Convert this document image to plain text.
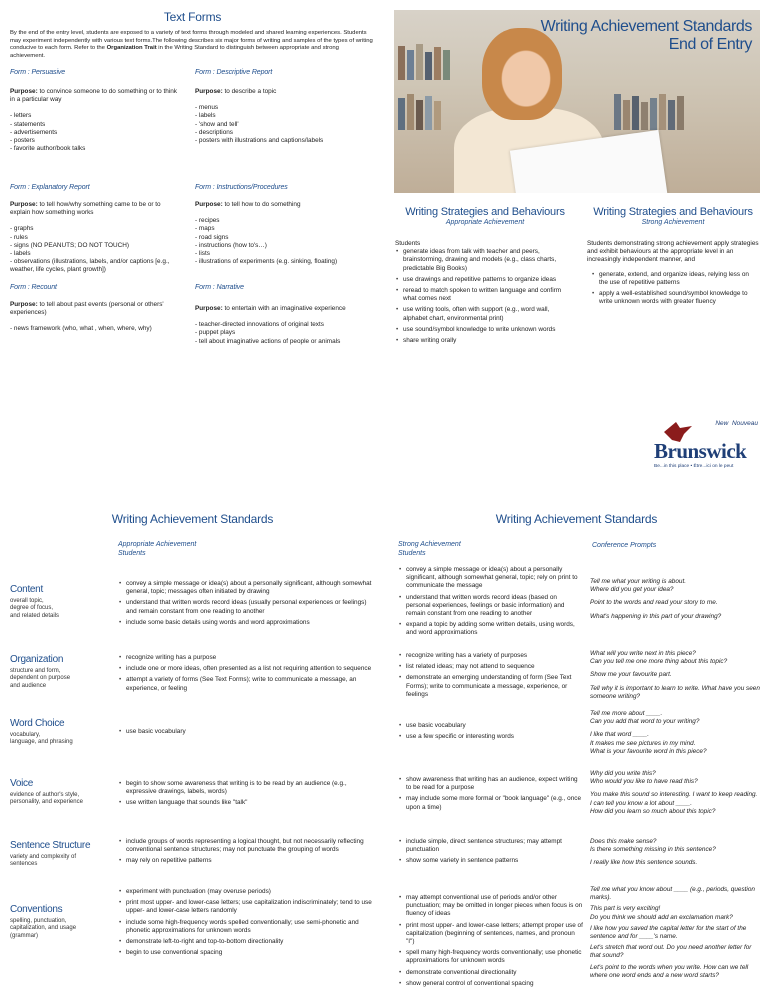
Text Forms
By the end of the entry level, students are exposed to a variety of text forms through modeled and shared learning experiences. Students may experiment independently with various text forms.The following describes six major forms of writing and samples of the types of writing conducive to each form. Refer to the Organization Trait in the Writing Standard to distinguish between appropriate and strong achievement.
Form : Persuasive
Purpose: to convince someone to do something or to think in a particular way
- letters
- statements
- advertisements
- posters
- favorite author/book talks
Form : Descriptive Report
Purpose: to describe a topic
- menus
- labels
- 'show and tell'
- descriptions
- posters with illustrations and captions/labels
Form : Explanatory Report
Purpose: to tell how/why something came to be or to explain how something works
- graphs
- rules
- signs (NO PEANUTS; DO NOT TOUCH)
- labels
- observations (illustrations, labels, and/or captions [e.g., weather, life cycles, plant growth])
Form : Instructions/Procedures
Purpose: to tell how to do something
- recipes
- maps
- road signs
- instructions (how to's…)
- lists
- illustrations of experiments (e.g. sinking, floating)
Form : Recount
Purpose: to tell about past events (personal or others' experiences)
- news framework (who, what , when, where, why)
Form : Narrative
Purpose: to entertain with an imaginative experience
- teacher-directed innovations of original texts
- puppet plays
- tell about imaginative actions of people or animals
Writing Achievement Standards
End of Entry
Writing Strategies and Behaviours
Appropriate Achievement
Students
• generate ideas from talk with teacher and peers, brainstorming, drawing and models (e.g., class charts, predictable Big Books)
• use drawings and repetitive patterns to organize ideas
• reread to match spoken to written language and confirm what comes next
• use writing tools, often with support (e.g., word wall, alphabet chart, environmental print)
• use sound/symbol knowledge to write unknown words
• share writing orally
Writing Strategies and Behaviours
Strong Achievement
Students demonstrating strong achievement apply strategies and exhibit behaviours at the appropriate level in an increasingly independent manner, and
• generate, extend, and organize ideas, relying less on the use of repetitive patterns
• apply a well-established sound/symbol knowledge to write unknown words with greater fluency
New Nouveau
Brunswick
Be...in this place • Être...ici on le peut
Writing Achievement Standards	Writing Achievement Standards
Appropriate Achievement
Students
Strong Achievement
Students
Conference Prompts
Content
overall topic,
degree of focus,
and related details
• convey a simple message or idea(s) about a personally significant, although somewhat general, topic; messages often initiated by drawing
• understand that written words record ideas (usually personal experiences or feelings) and remain constant from one reading to another
• include some basic details using words and word approximations
• convey a simple message or idea(s) about a personally significant, although somewhat general, topic; rely on print to communicate the message
• understand that written words record ideas (based on personal experiences, feelings or basic information) and remain constant from one reading to another
• expand a topic by adding some written details, using words, and word approximations

Tell me what your writing is about.
Where did you get your idea?

Point to the words and read your story to me.

What's happening in this part of your drawing?

Organization
structure and form,
dependent on purpose
and audience
• recognize writing has a purpose
• include one or more ideas, often presented as a list not requiring attention to sequence
• attempt a variety of forms (See Text Forms); write to communicate a message, an experience, or feeling
• recognize writing has a variety of purposes
• list related ideas; may not attend to sequence
• demonstrate an emerging understanding of form (See Text Forms); write to communicate a message, experience, or feelings

What will you write next in this piece?
Can you tell me one more thing about this topic?

Show me your favourite part.

Tell why it is important to learn to write. What have you seen someone writing?

Word Choice
vocabulary,
language, and phrasing
• use basic vocabulary
• use basic vocabulary
• use a few specific or interesting words

Tell me more about ____.
Can you add that word to your writing?

I like that word ____.
It makes me see pictures in my mind.
What is your favourite word in this piece?

Voice
evidence of author's style,
personality, and experience
• begin to show some awareness that writing is to be read by an audience (e.g., expressive drawings, labels, words)
• use written language that sounds like "talk"
• show awareness that writing has an audience, expect writing to be read for a purpose
• may include some more formal or "book language" (e.g., once upon a time)

Why did you write this?
Who would you like to have read this?

You make this sound so interesting. I want to keep reading.
I can tell you know a lot about ____.
How did you learn so much about this topic?

Sentence Structure
variety and complexity of
sentences
• include groups of words representing a logical thought, but not necessarily reflecting conventional sentence structures; may not punctuate the grouping of words
• may rely on repetitive patterns
• include simple, direct sentence structures; may attempt punctuation
• show some variety in sentence patterns

Does this make sense?
Is there something missing in this sentence?

I really like how this sentence sounds.

Conventions
spelling, punctuation,
capitalization, and usage
(grammar)
• experiment with punctuation (may overuse periods)
• print most upper- and lower-case letters; use capitalization indiscriminately; tend to use upper- and lower-case letters randomly
• include some high-frequency words spelled conventionally; use semi-phonetic and phonetic approximations for unknown words
• demonstrate left-to-right and top-to-bottom directionality
• begin to use conventional spacing
• may attempt conventional use of periods and/or other punctuation; may be omitted in longer pieces when focus is on fluency of ideas
• print most upper- and lower-case letters; attempt proper use of capitalization (beginning of sentences, names, and pronoun "I")
• spell many high-frequency words conventionally; use phonetic approximations for unknown words
• demonstrate conventional directionality
• show general control of conventional spacing

Tell me what you know about ____ (e.g., periods, question marks).

This part is very exciting!
Do you think we should add an exclamation mark?

I like how you saved the capital letter for the start of the sentence and for ____'s name.

Let's stretch that word out. Do you need another letter for that sound?

Let's point to the words when you write. How can we tell where one word ends and a new word starts?
